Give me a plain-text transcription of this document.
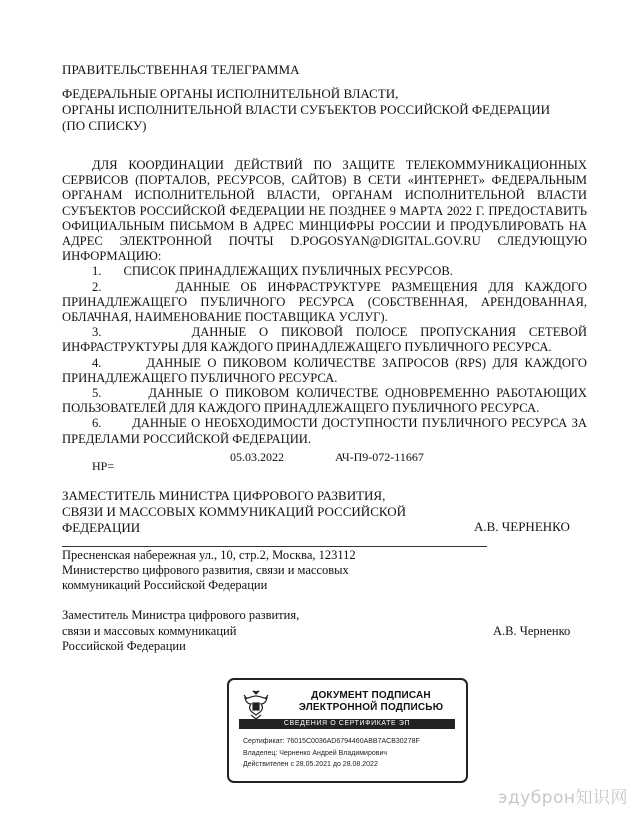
ПРАВИТЕЛЬСТВЕННАЯ ТЕЛЕГРАММА
ФЕДЕРАЛЬНЫЕ ОРГАНЫ ИСПОЛНИТЕЛЬНОЙ ВЛАСТИ,
ОРГАНЫ ИСПОЛНИТЕЛЬНОЙ ВЛАСТИ СУБЪЕКТОВ РОССИЙСКОЙ ФЕДЕРАЦИИ
(ПО СПИСКУ)
ДЛЯ КООРДИНАЦИИ ДЕЙСТВИЙ ПО ЗАЩИТЕ ТЕЛЕКОММУНИКАЦИОННЫХ СЕРВИСОВ (ПОРТАЛОВ, РЕСУРСОВ, САЙТОВ) В СЕТИ «ИНТЕРНЕТ» ФЕДЕРАЛЬНЫМ ОРГАНАМ ИСПОЛНИТЕЛЬНОЙ ВЛАСТИ, ОРГАНАМ ИСПОЛНИТЕЛЬНОЙ ВЛАСТИ СУБЪЕКТОВ РОССИЙСКОЙ ФЕДЕРАЦИИ НЕ ПОЗДНЕЕ 9 МАРТА 2022 Г. ПРЕДОСТАВИТЬ ОФИЦИАЛЬНЫМ ПИСЬМОМ В АДРЕС МИНЦИФРЫ РОССИИ И ПРОДУБЛИРОВАТЬ НА АДРЕС ЭЛЕКТРОННОЙ ПОЧТЫ D.POGOSYAN@DIGITAL.GOV.RU СЛЕДУЮЩУЮ ИНФОРМАЦИЮ:
1.       СПИСОК ПРИНАДЛЕЖАЩИХ ПУБЛИЧНЫХ РЕСУРСОВ.
2.       ДАННЫЕ ОБ ИНФРАСТРУКТУРЕ РАЗМЕЩЕНИЯ ДЛЯ КАЖДОГО ПРИНАДЛЕЖАЩЕГО ПУБЛИЧНОГО РЕСУРСА (СОБСТВЕННАЯ, АРЕНДОВАННАЯ, ОБЛАЧНАЯ, НАИМЕНОВАНИЕ ПОСТАВЩИКА УСЛУГ).
3.       ДАННЫЕ О ПИКОВОЙ ПОЛОСЕ ПРОПУСКАНИЯ СЕТЕВОЙ ИНФРАСТРУКТУРЫ ДЛЯ КАЖДОГО ПРИНАДЛЕЖАЩЕГО ПУБЛИЧНОГО РЕСУРСА.
4.       ДАННЫЕ О ПИКОВОМ КОЛИЧЕСТВЕ ЗАПРОСОВ (RPS) ДЛЯ КАЖДОГО ПРИНАДЛЕЖАЩЕГО ПУБЛИЧНОГО РЕСУРСА.
5.       ДАННЫЕ О ПИКОВОМ КОЛИЧЕСТВЕ ОДНОВРЕМЕННО РАБОТАЮЩИХ ПОЛЬЗОВАТЕЛЕЙ ДЛЯ КАЖДОГО ПРИНАДЛЕЖАЩЕГО ПУБЛИЧНОГО РЕСУРСА.
6.       ДАННЫЕ О НЕОБХОДИМОСТИ ДОСТУПНОСТИ ПУБЛИЧНОГО РЕСУРСА ЗА ПРЕДЕЛАМИ РОССИЙСКОЙ ФЕДЕРАЦИИ.
05.03.2022	АЧ-П9-072-11667
НР=
ЗАМЕСТИТЕЛЬ МИНИСТРА ЦИФРОВОГО РАЗВИТИЯ,
СВЯЗИ И МАССОВЫХ КОММУНИКАЦИЙ РОССИЙСКОЙ
ФЕДЕРАЦИИ	А.В. ЧЕРНЕНКО
Пресненская набережная ул., 10, стр.2, Москва, 123112
Министерство цифрового развития, связи и массовых
коммуникаций Российской Федерации
Заместитель Министра цифрового развития,
связи и массовых коммуникаций
Российской Федерации
А.В. Черненко
ДОКУМЕНТ ПОДПИСАН
ЭЛЕКТРОННОЙ ПОДПИСЬЮ
СВЕДЕНИЯ О СЕРТИФИКАТЕ ЭП
Сертификат: 76015C0036AD6794460ABB7ACB30278F
Владелец: Черненко Андрей Владимирович
Действителен с 28.05.2021 до 28.08.2022
эдуброн知识网
